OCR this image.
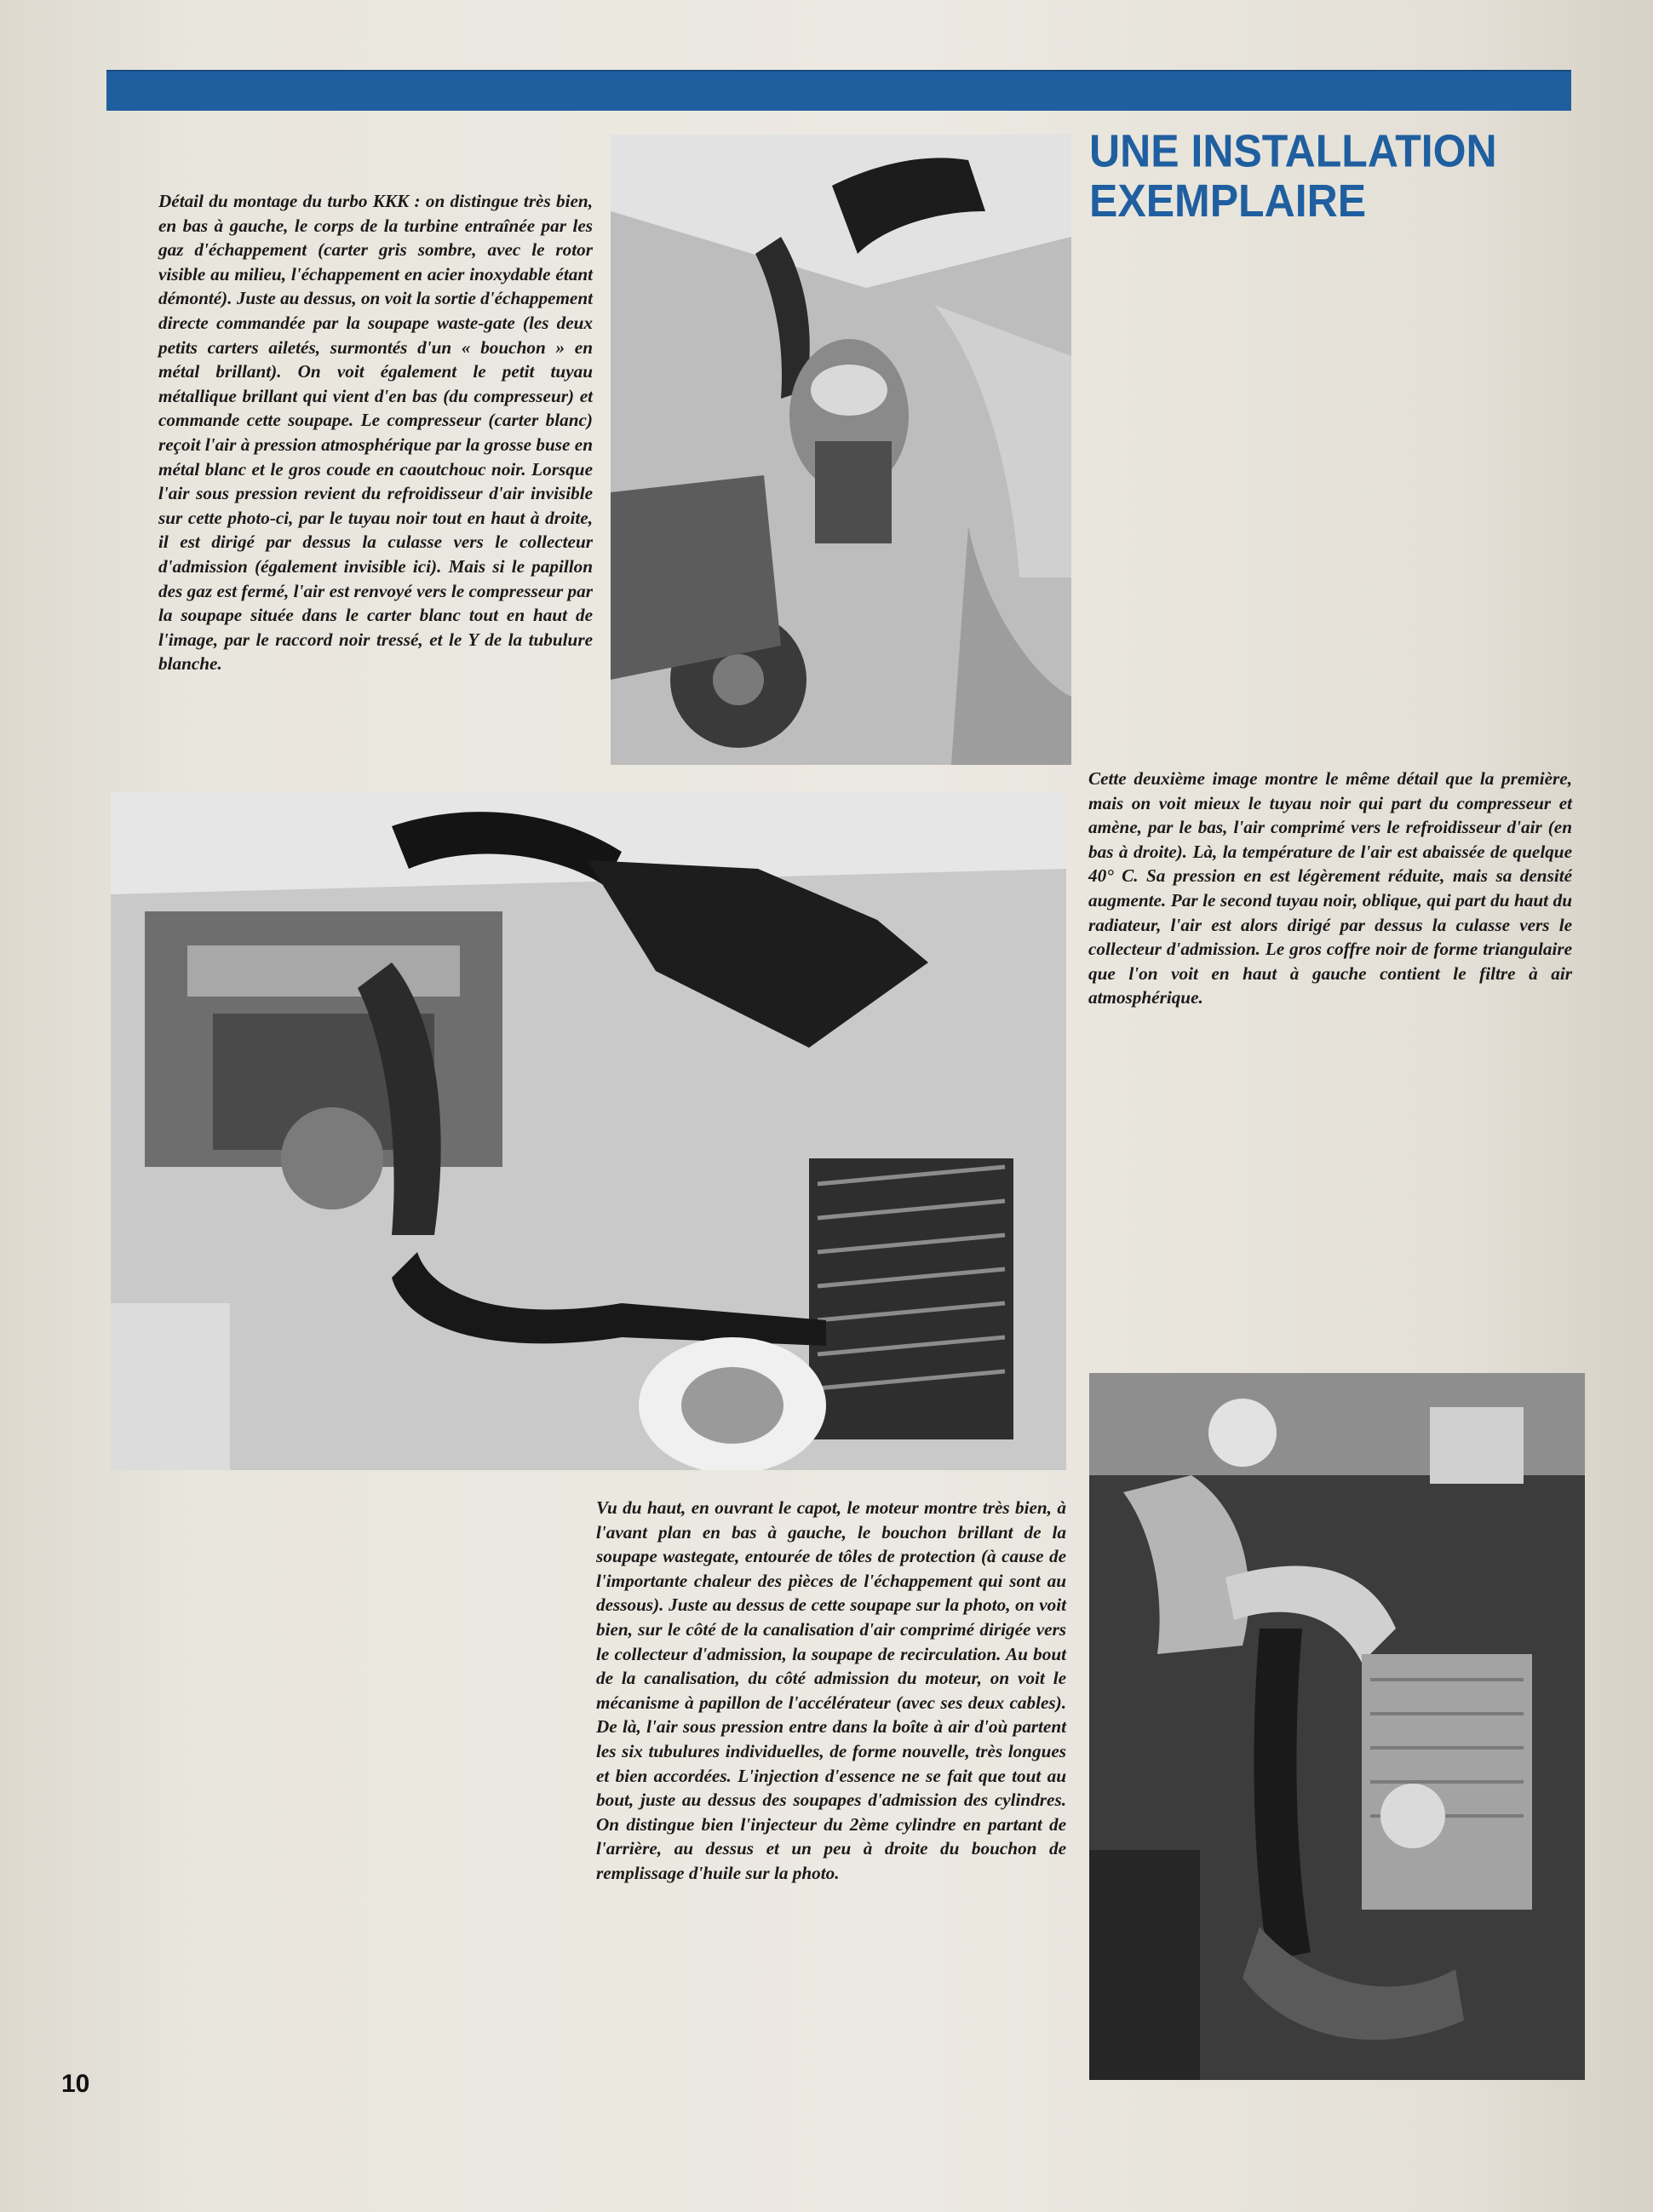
UNE INSTALLATION
EXEMPLAIRE

Détail du montage du turbo KKK : on distingue très bien, en bas à gauche, le corps de la turbine entraînée par les gaz d'échappement (carter gris sombre, avec le rotor visible au milieu, l'échappement en acier inoxydable étant démonté). Juste au dessus, on voit la sortie d'échappement directe commandée par la soupape waste-gate (les deux petits carters ailetés, surmontés d'un « bouchon » en métal brillant). On voit également le petit tuyau métallique brillant qui vient d'en bas (du compresseur) et commande cette soupape. Le compresseur (carter blanc) reçoit l'air à pression atmosphérique par la grosse buse en métal blanc et le gros coude en caoutchouc noir. Lorsque l'air sous pression revient du refroidisseur d'air invisible sur cette photo-ci, par le tuyau noir tout en haut à droite, il est dirigé par dessus la culasse vers le collecteur d'admission (également invisible ici). Mais si le papillon des gaz est fermé, l'air est renvoyé vers le compresseur par la soupape située dans le carter blanc tout en haut de l'image, par le raccord noir tressé, et le Y de la tubulure blanche.

Cette deuxième image montre le même détail que la première, mais on voit mieux le tuyau noir qui part du compresseur et amène, par le bas, l'air comprimé vers le refroidisseur d'air (en bas à droite). Là, la température de l'air est abaissée de quelque 40° C. Sa pression en est légèrement réduite, mais sa densité augmente. Par le second tuyau noir, oblique, qui part du haut du radiateur, l'air est alors dirigé par dessus la culasse vers le collecteur d'admission. Le gros coffre noir de forme triangulaire que l'on voit en haut à gauche contient le filtre à air atmosphérique.

Vu du haut, en ouvrant le capot, le moteur montre très bien, à l'avant plan en bas à gauche, le bouchon brillant de la soupape wastegate, entourée de tôles de protection (à cause de l'importante chaleur des pièces de l'échappement qui sont au dessous). Juste au dessus de cette soupape sur la photo, on voit bien, sur le côté de la canalisation d'air comprimé dirigée vers le collecteur d'admission, la soupape de recirculation. Au bout de la canalisation, du côté admission du moteur, on voit le mécanisme à papillon de l'accélérateur (avec ses deux cables). De là, l'air sous pression entre dans la boîte à air d'où partent les six tubulures individuelles, de forme nouvelle, très longues et bien accordées. L'injection d'essence ne se fait que tout au bout, juste au dessus des soupapes d'admission des cylindres. On distingue bien l'injecteur du 2ème cylindre en partant de l'arrière, au dessus et un peu à droite du bouchon de remplissage d'huile sur la photo.

10
